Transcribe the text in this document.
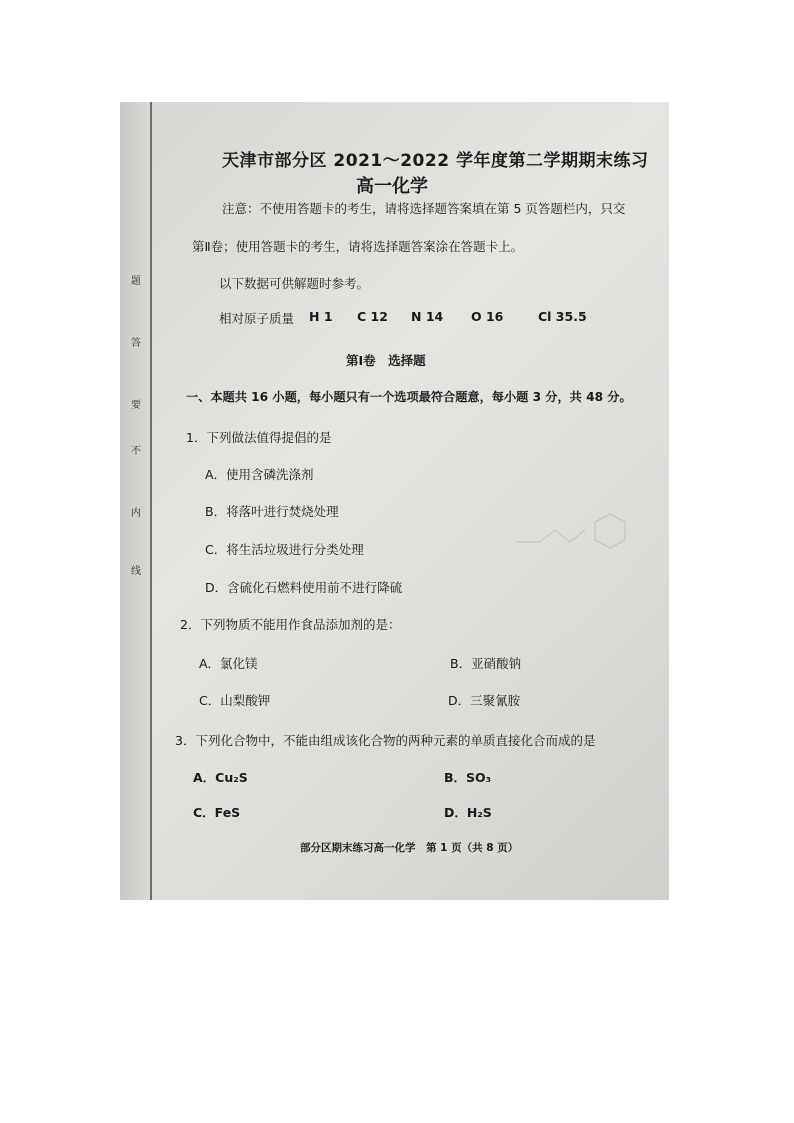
题
答
要
不
内
线
天津市部分区 2021～2022 学年度第二学期期末练习
高一化学
注意：不使用答题卡的考生，请将选择题答案填在第 5 页答题栏内，只交
第Ⅱ卷；使用答题卡的考生，请将选择题答案涂在答题卡上。
以下数据可供解题时参考。
相对原子质量 H 1 C 12 N 14 O 16	Cl 35.5
第Ⅰ卷　选择题
一、本题共 16 小题，每小题只有一个选项最符合题意，每小题 3 分，共 48 分。
1．下列做法值得提倡的是
A．使用含磷洗涤剂
B．将落叶进行焚烧处理
C．将生活垃圾进行分类处理
D．含硫化石燃料使用前不进行降硫
2．下列物质不能用作食品添加剂的是：
A．氯化镁	B．亚硝酸钠
C．山梨酸钾	D．三聚氰胺
3．下列化合物中，不能由组成该化合物的两种元素的单质直接化合而成的是
A．Cu₂S	B．SO₃
C．FeS	D．H₂S
部分区期末练习高一化学　第 1 页（共 8 页）
